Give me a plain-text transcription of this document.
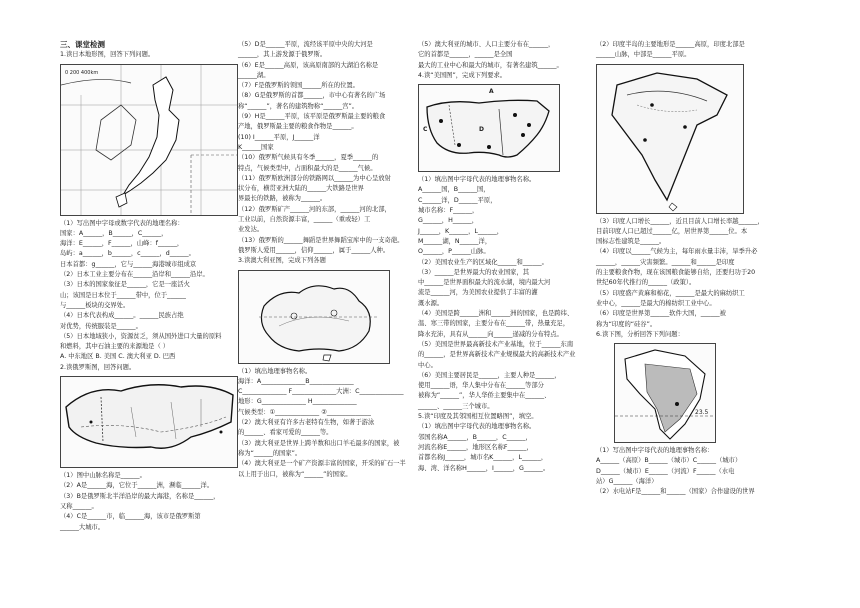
三、课堂检测

1.读日本地形图，回答下列问题。

0 200 400km

（1）写出图中字母或数字代表的地理名称：

国家：A______，B______，C______，

海洋：E______，F______，山峰：f______，

岛屿：a______，b______，c______，d______。

日本首都：g______，它与______海港城市组成京

（2）日本工业主要分布在______沿岸和______沿岸。

（3）日本的国家象征是______，它是一座活火

山；该国是日本位于______带中，位于______

与______板块的交界处。

（4）日本代表构成______。______民族占绝

对优势，传统服装是______。

（5）日本地域狭小，资源贫乏，须从国外进口大量的原料

和燃料，其中石油主要的来源地是（ ）

A. 中东地区 B. 美国 C. 澳大利亚 D. 巴西

2.读俄罗斯图，回答问题。

（1）图中山脉名称是______。

（2）A是______海，它位于______洲，濒临______洋。

（3）B是俄罗斯北半洋沿岸的最大海港，名称是______，

又称______。

（4）C是______市，临______海，该市是俄罗斯第

______大城市。

（5）D是______平原，流经该平原中央的大河是

______，其上游发源于俄罗斯。

（6）E是______高原，该高原南部的大湖泊名称是

______湖。

（7）F是俄罗斯的领国______所在的位置。

（8）G是俄罗斯的首都______，市中心有著名的广场

称“______”，著名的建筑物称“______宫”。

（9）H是______平原，该平原是俄罗斯最主要的粮食

产地，俄罗斯最主要的粮食作物是______。

(10) I______平原，J______洋

K______国家

（10）俄罗斯气候具有冬季______，夏季______的

特点，气候类型中，占面积最大的是______气候。

（11）俄罗斯欧洲部分的铁路网以______为中心呈放射

状分布，横贯亚洲大陆的______大铁路是世界

界最长的铁路，被称为______。

（12）俄罗斯矿产______河的东部，______河的北部，

工业以前，自然资源丰富，______（重或轻）工

业发达。

（13）俄罗斯的______舞蹈是世界舞蹈宝库中的一支奇葩。

俄罗斯人爱用______，信仰______，属于______人种。

3.读澳大利亚图，完成下列各题

（1）填出地理事物名称。

海洋：A______________B______________

C______________ F______________大洲：C______________

地形：G______________ H______________

气候类型：①______________ ②______________

（2）澳大利亚有许多古老特有生物，如著于游泳

的______、看家可爱的______等。

（3）澳大利亚是世界上跨羊数和出口羊毛最多的国家，被

称为“______的国家”。

（4）澳大利亚是一个矿产资源丰富的国家，开采的矿石一半

以上用于出口，被称为“______”的国家。

（5）澳大利亚的城市、人口主要分布在______，

它的首都是______，______是全国

最大的工业中心和最大的城市，有著名建筑______。

4.读“美国图”，完成下列要求。

A
C	D

（1）填出图中字母代表的地理事物名称。

A______国，B______国，

C______洋，D______平原，

城市名称：F______，

G______，H______，

J______，K______，L______，

M______湖，N______洋，

O______，P______山脉。

（2）美国农业生产的区域化______和______。

（3）______是世界最大的农业国家，其

中______是世界面积最大的流水湖，境内最大河

流是______河，为美国农业提供了丰富的灌

溉水源。

（4）美国是跨______洲和______洲的国家，也是跨纬、

温、寒三带的国家，主要分布在______带，热量充足，

降水充沛，具有从______向______递减的分布特点。

（5）美国是世界最高新技术产业基地，位于______东南

的______，是世界高新技术产业规模最大的高新技术产业

中心。

（6）美国主要居民是______，主要人种是______，

使用______语，华人集中分布在______等部分

被称为“______”，华人华侨主要集中在______、

______、______三个城市。

5.读“印度及其邻国相互位置略图”，填空。

（1）填出图中字母代表的地理事物名称。

邻国名称A______，B______，C______，

河流名称E______，地形区名称F______，

首都名称J______，城市名K______，L______，

海、湾、洋名称H______，I______，G______。

（2）印度半岛的主要地形是______高原，印度北部是

______山脉，中部是______平原。

（3）印度人口增长______，近且目前人口增长率越______，

目前印度人口已超过______亿，居世界第______位。本

国标志性建筑是______。

（4）印度以______气候为主，每年雨水量丰沛，旱季升必

______，______灾害频繁。______和______是印度

的主要粮食作物，现在该国粮食能够自给，还要归功于20

世纪60年代推行的______（政策）。

（5）印度盛产黄麻和棉花，______是最大的麻纺织工

业中心，______是最大的棉纺织工业中心。

（6）印度是世界第______软件大国，______被

称为“印度的“硅谷”。

6.读下图，分析回答下列问题：

23.5

（1）写出图中字母代表的地理事物名称：

A______（高原）B______（城市）C______（城市）

D______（城市）E______（河流）F______（水电

站）G______（海洋）

（2）水电站F是______和______（国家）合作建设的世界
